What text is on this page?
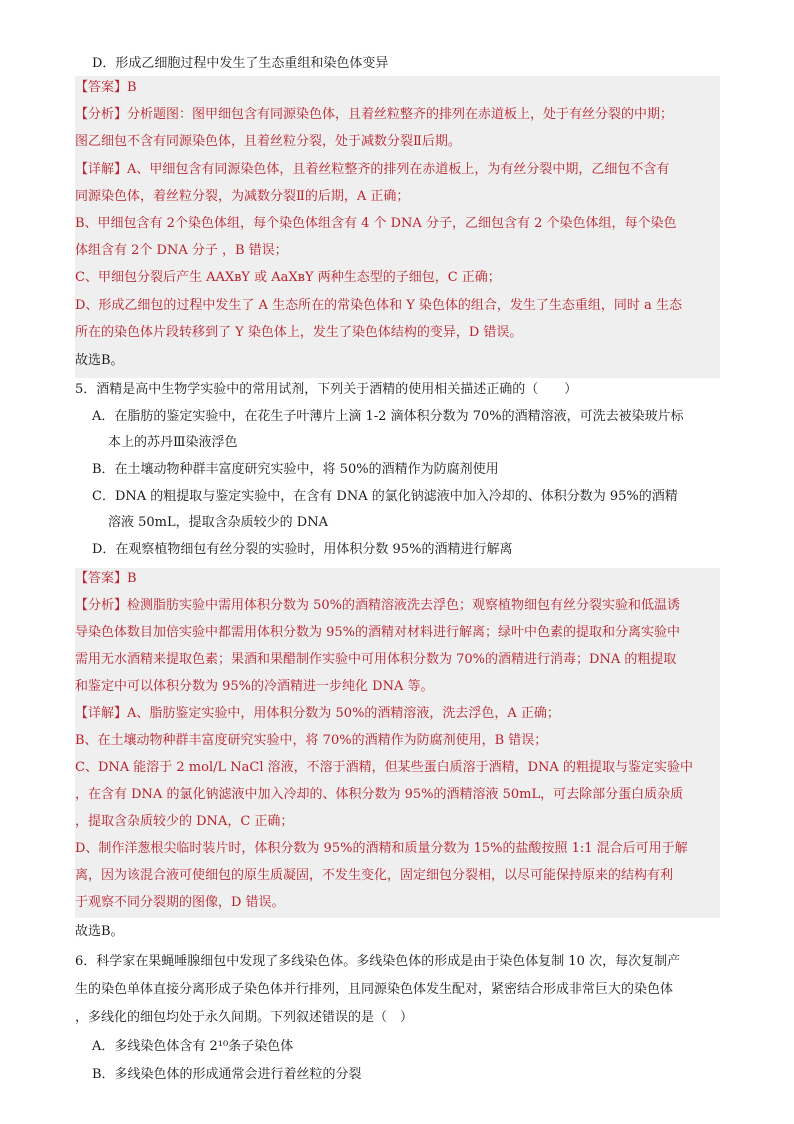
D．形成乙细胞过程中发生了生态重组和染色体变异
【答案】B
【分析】分析题图：图甲细包含有同源染色体，且着丝粒整齐的排列在赤道板上，处于有丝分裂的中期；
图乙细包不含有同源染色体，且着丝粒分裂，处于减数分裂Ⅱ后期。
【详解】A、甲细包含有同源染色体，且着丝粒整齐的排列在赤道板上，为有丝分裂中期，乙细包不含有
同源染色体，着丝粒分裂，为减数分裂Ⅱ的后期，A 正确；
B、甲细包含有 2个染色体组，每个染色体组含有 4 个 DNA 分子，乙细包含有 2 个染色体组，每个染色
体组含有 2个 DNA 分子 ，B 错误；
C、甲细包分裂后产生 AAXʙY 或 AaXʙY 两种生态型的子细包，C 正确；
D、形成乙细包的过程中发生了 A 生态所在的常染色体和 Y 染色体的组合，发生了生态重组，同时 a 生态
所在的染色体片段转移到了 Y 染色体上，发生了染色体结构的变异，D 错误。
故选B。
5．酒精是高中生物学实验中的常用试剂，下列关于酒精的使用相关描述正确的（　　）
A．在脂肪的鉴定实验中，在花生子叶薄片上滴 1-2 滴体积分数为 70%的酒精溶液，可洗去被染玻片标
本上的苏丹Ⅲ染液浮色
B．在土壤动物种群丰富度研究实验中，将 50%的酒精作为防腐剂使用
C．DNA 的粗提取与鉴定实验中，在含有 DNA 的氯化钠滤液中加入冷却的、体积分数为 95%的酒精
溶液 50mL，提取含杂质较少的 DNA
D．在观察植物细包有丝分裂的实验时，用体积分数 95%的酒精进行解离
【答案】B
【分析】检测脂肪实验中需用体积分数为 50%的酒精溶液洗去浮色；观察植物细包有丝分裂实验和低温诱
导染色体数目加倍实验中都需用体积分数为 95%的酒精对材料进行解离；绿叶中色素的提取和分离实验中
需用无水酒精来提取色素；果酒和果醋制作实验中可用体积分数为 70%的酒精进行消毒；DNA 的粗提取
和鉴定中可以体积分数为 95%的冷酒精进一步纯化 DNA 等。
【详解】A、脂肪鉴定实验中，用体积分数为 50%的酒精溶液，洗去浮色，A 正确；
B、在土壤动物种群丰富度研究实验中，将 70%的酒精作为防腐剂使用，B 错误；
C、DNA 能溶于 2 mol/L NaCl 溶液，不溶于酒精，但某些蛋白质溶于酒精，DNA 的粗提取与鉴定实验中
，在含有 DNA 的氯化钠滤液中加入冷却的、体积分数为 95%的酒精溶液 50mL，可去除部分蛋白质杂质
，提取含杂质较少的 DNA，C 正确；
D、制作洋葱根尖临时装片时，体积分数为 95%的酒精和质量分数为 15%的盐酸按照 1:1 混合后可用于解
离，因为该混合液可使细包的原生质凝固，不发生变化，固定细包分裂相，以尽可能保持原来的结构有利
于观察不同分裂期的图像，D 错误。
故选B。
6．科学家在果蝇唾腺细包中发现了多线染色体。多线染色体的形成是由于染色体复制 10 次，每次复制产
生的染色单体直接分离形成子染色体并行排列，且同源染色体发生配对，紧密结合形成非常巨大的染色体
，多线化的细包均处于永久间期。下列叙述错误的是（　）
A．多线染色体含有 2¹⁰条子染色体
B．多线染色体的形成通常会进行着丝粒的分裂
